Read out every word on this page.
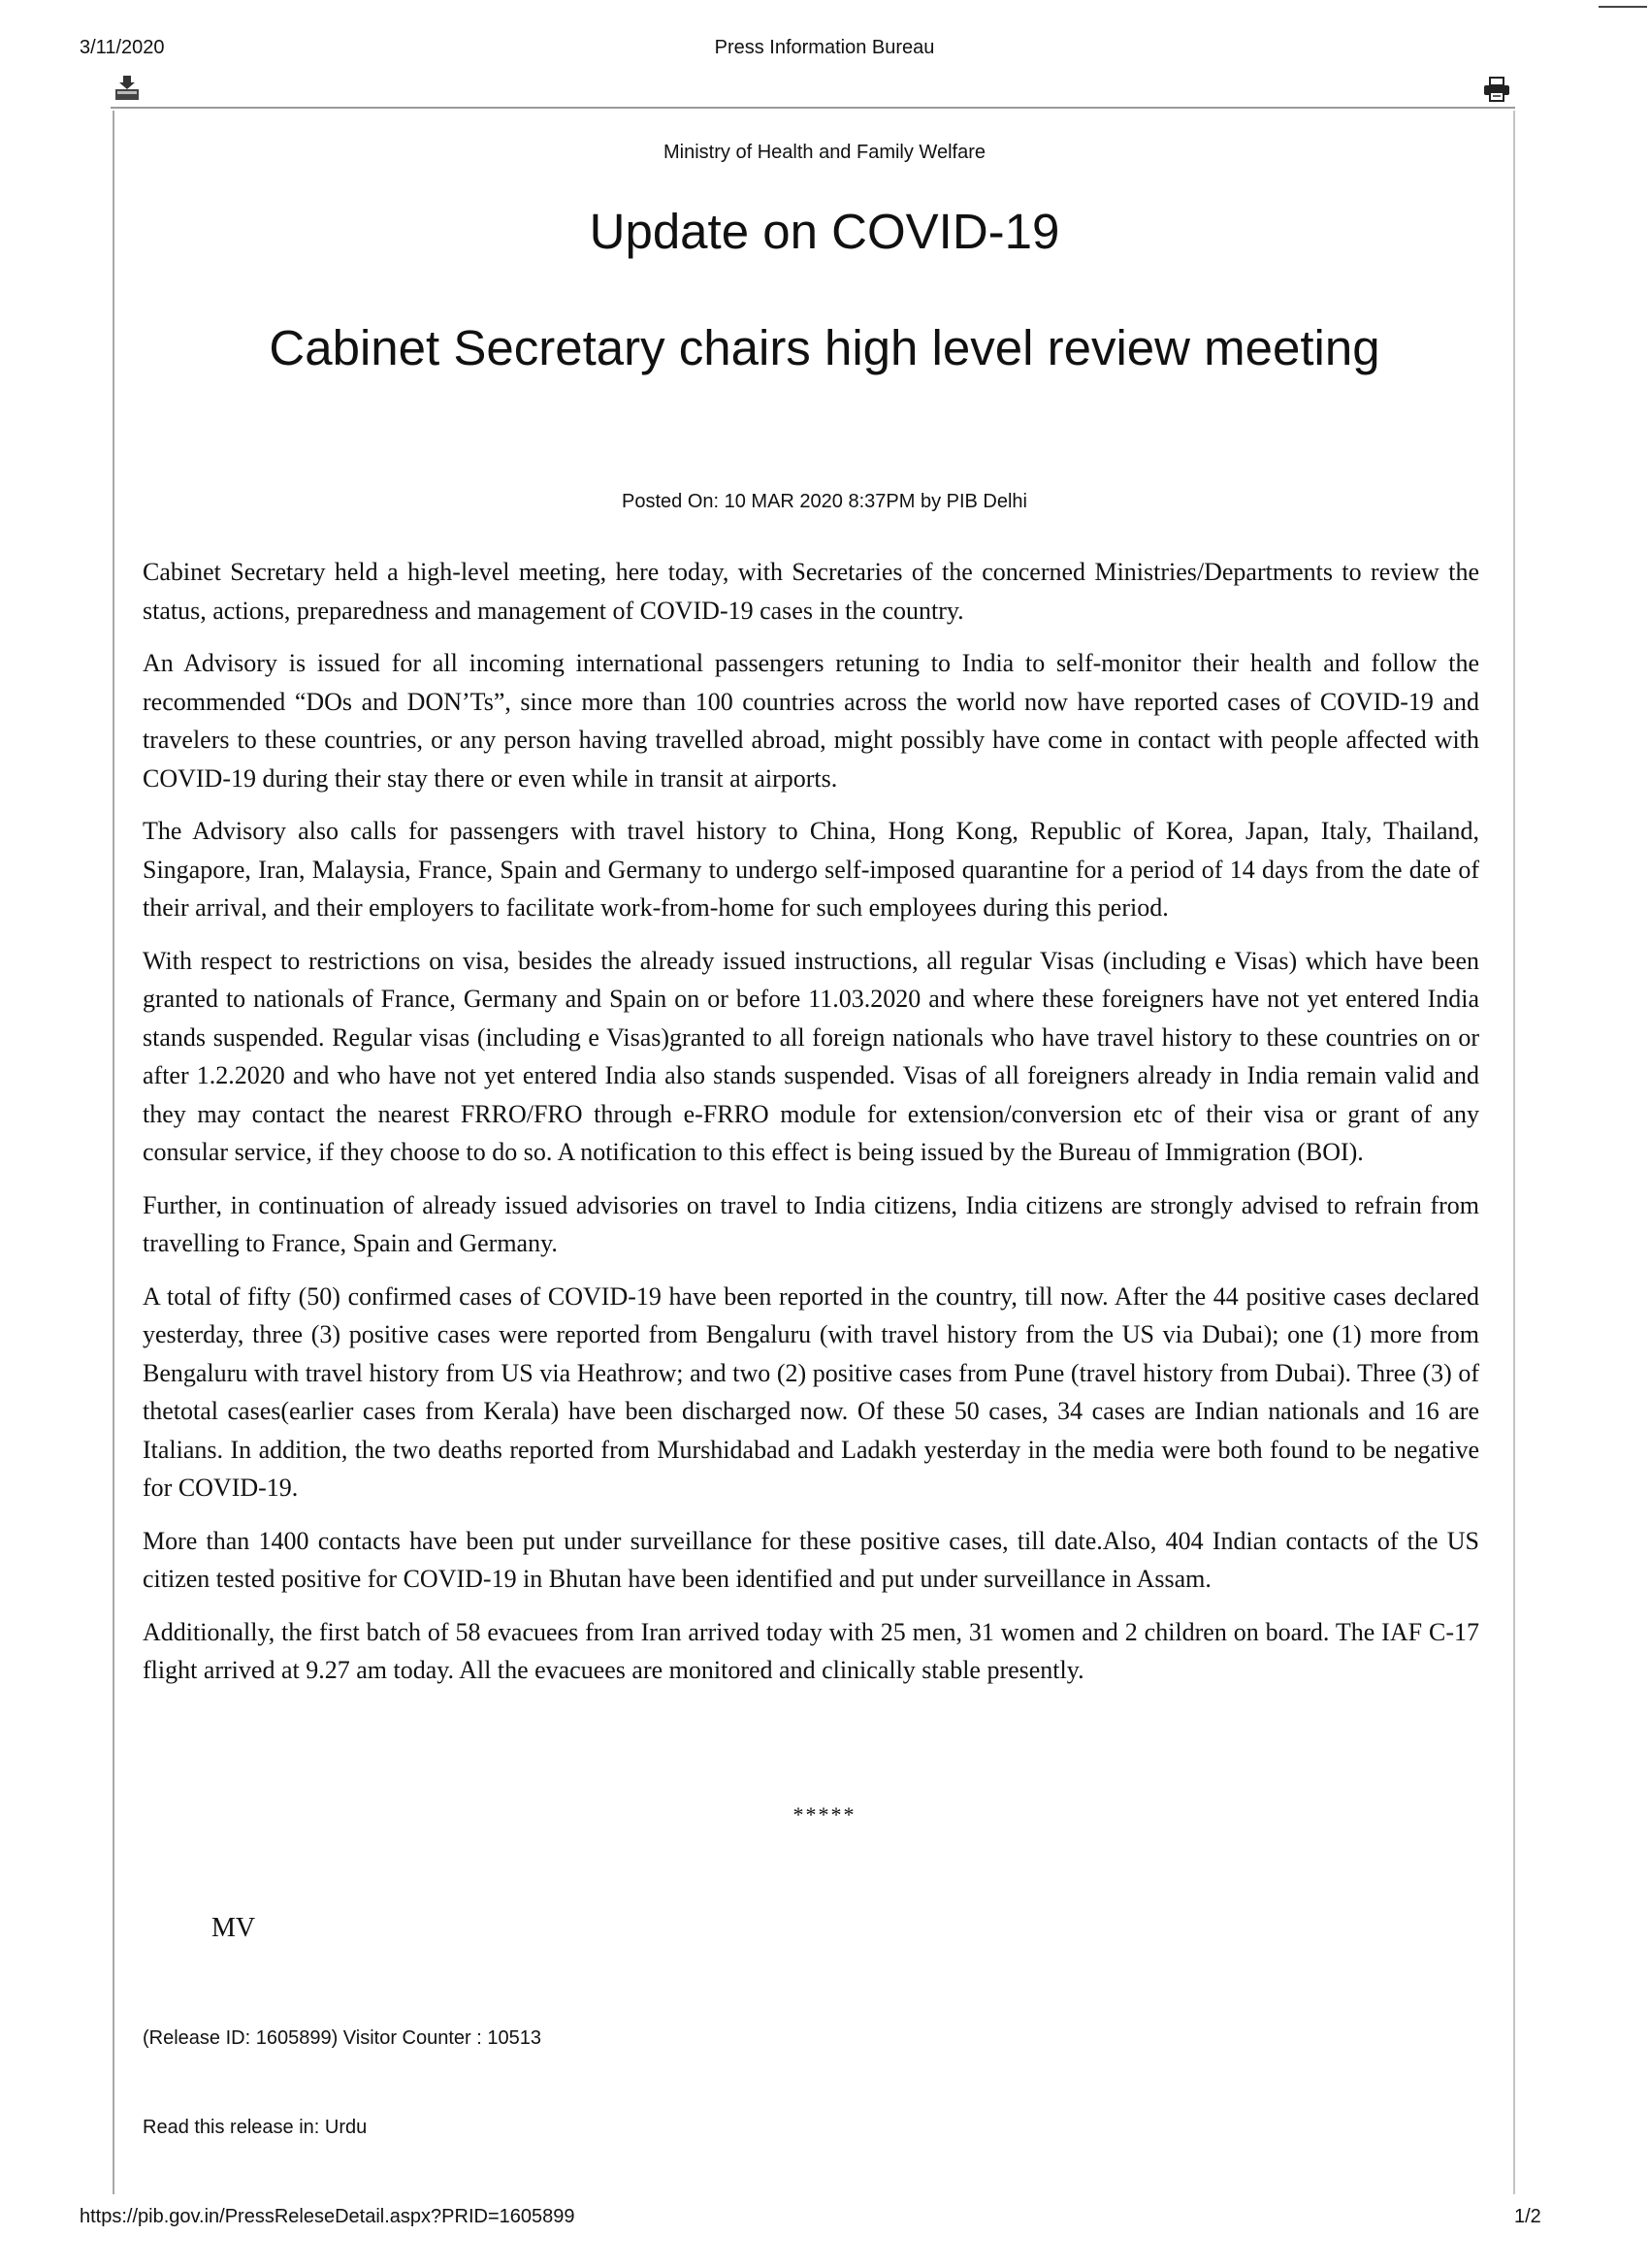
3/11/2020	Press Information Bureau
Ministry of Health and Family Welfare
Update on COVID-19
Cabinet Secretary chairs high level review meeting
Posted On: 10 MAR 2020 8:37PM by PIB Delhi

Cabinet Secretary held a high-level meeting, here today, with Secretaries of the concerned Ministries/Departments to review the status, actions, preparedness and management of COVID-19 cases in the country.

An Advisory is issued for all incoming international passengers retuning to India to self-monitor their health and follow the recommended “DOs and DON’Ts”, since more than 100 countries across the world now have reported cases of COVID-19 and travelers to these countries, or any person having travelled abroad, might possibly have come in contact with people affected with COVID-19 during their stay there or even while in transit at airports.

The Advisory also calls for passengers with travel history to China, Hong Kong, Republic of Korea, Japan, Italy, Thailand, Singapore, Iran, Malaysia, France, Spain and Germany to undergo self-imposed quarantine for a period of 14 days from the date of their arrival, and their employers to facilitate work-from-home for such employees during this period.

With respect to restrictions on visa, besides the already issued instructions, all regular Visas (including e Visas) which have been granted to nationals of France, Germany and Spain on or before 11.03.2020 and where these foreigners have not yet entered India stands suspended. Regular visas (including e Visas)granted to all foreign nationals who have travel history to these countries on or after 1.2.2020 and who have not yet entered India also stands suspended. Visas of all foreigners already in India remain valid and they may contact the nearest FRRO/FRO through e-FRRO module for extension/conversion etc of their visa or grant of any consular service, if they choose to do so. A notification to this effect is being issued by the Bureau of Immigration (BOI).

Further, in continuation of already issued advisories on travel to India citizens, India citizens are strongly advised to refrain from travelling to France, Spain and Germany.

A total of fifty (50) confirmed cases of COVID-19 have been reported in the country, till now. After the 44 positive cases declared yesterday, three (3) positive cases were reported from Bengaluru (with travel history from the US via Dubai); one (1) more from Bengaluru with travel history from US via Heathrow; and two (2) positive cases from Pune (travel history from Dubai). Three (3) of thetotal cases(earlier cases from Kerala) have been discharged now. Of these 50 cases, 34 cases are Indian nationals and 16 are Italians. In addition, the two deaths reported from Murshidabad and Ladakh yesterday in the media were both found to be negative for COVID-19.

More than 1400 contacts have been put under surveillance for these positive cases, till date.Also, 404 Indian contacts of the US citizen tested positive for COVID-19 in Bhutan have been identified and put under surveillance in Assam.

Additionally, the first batch of 58 evacuees from Iran arrived today with 25 men, 31 women and 2 children on board. The IAF C-17 flight arrived at 9.27 am today. All the evacuees are monitored and clinically stable presently.

*****
MV
(Release ID: 1605899) Visitor Counter : 10513
Read this release in: Urdu
https://pib.gov.in/PressReleseDetail.aspx?PRID=1605899	1/2
